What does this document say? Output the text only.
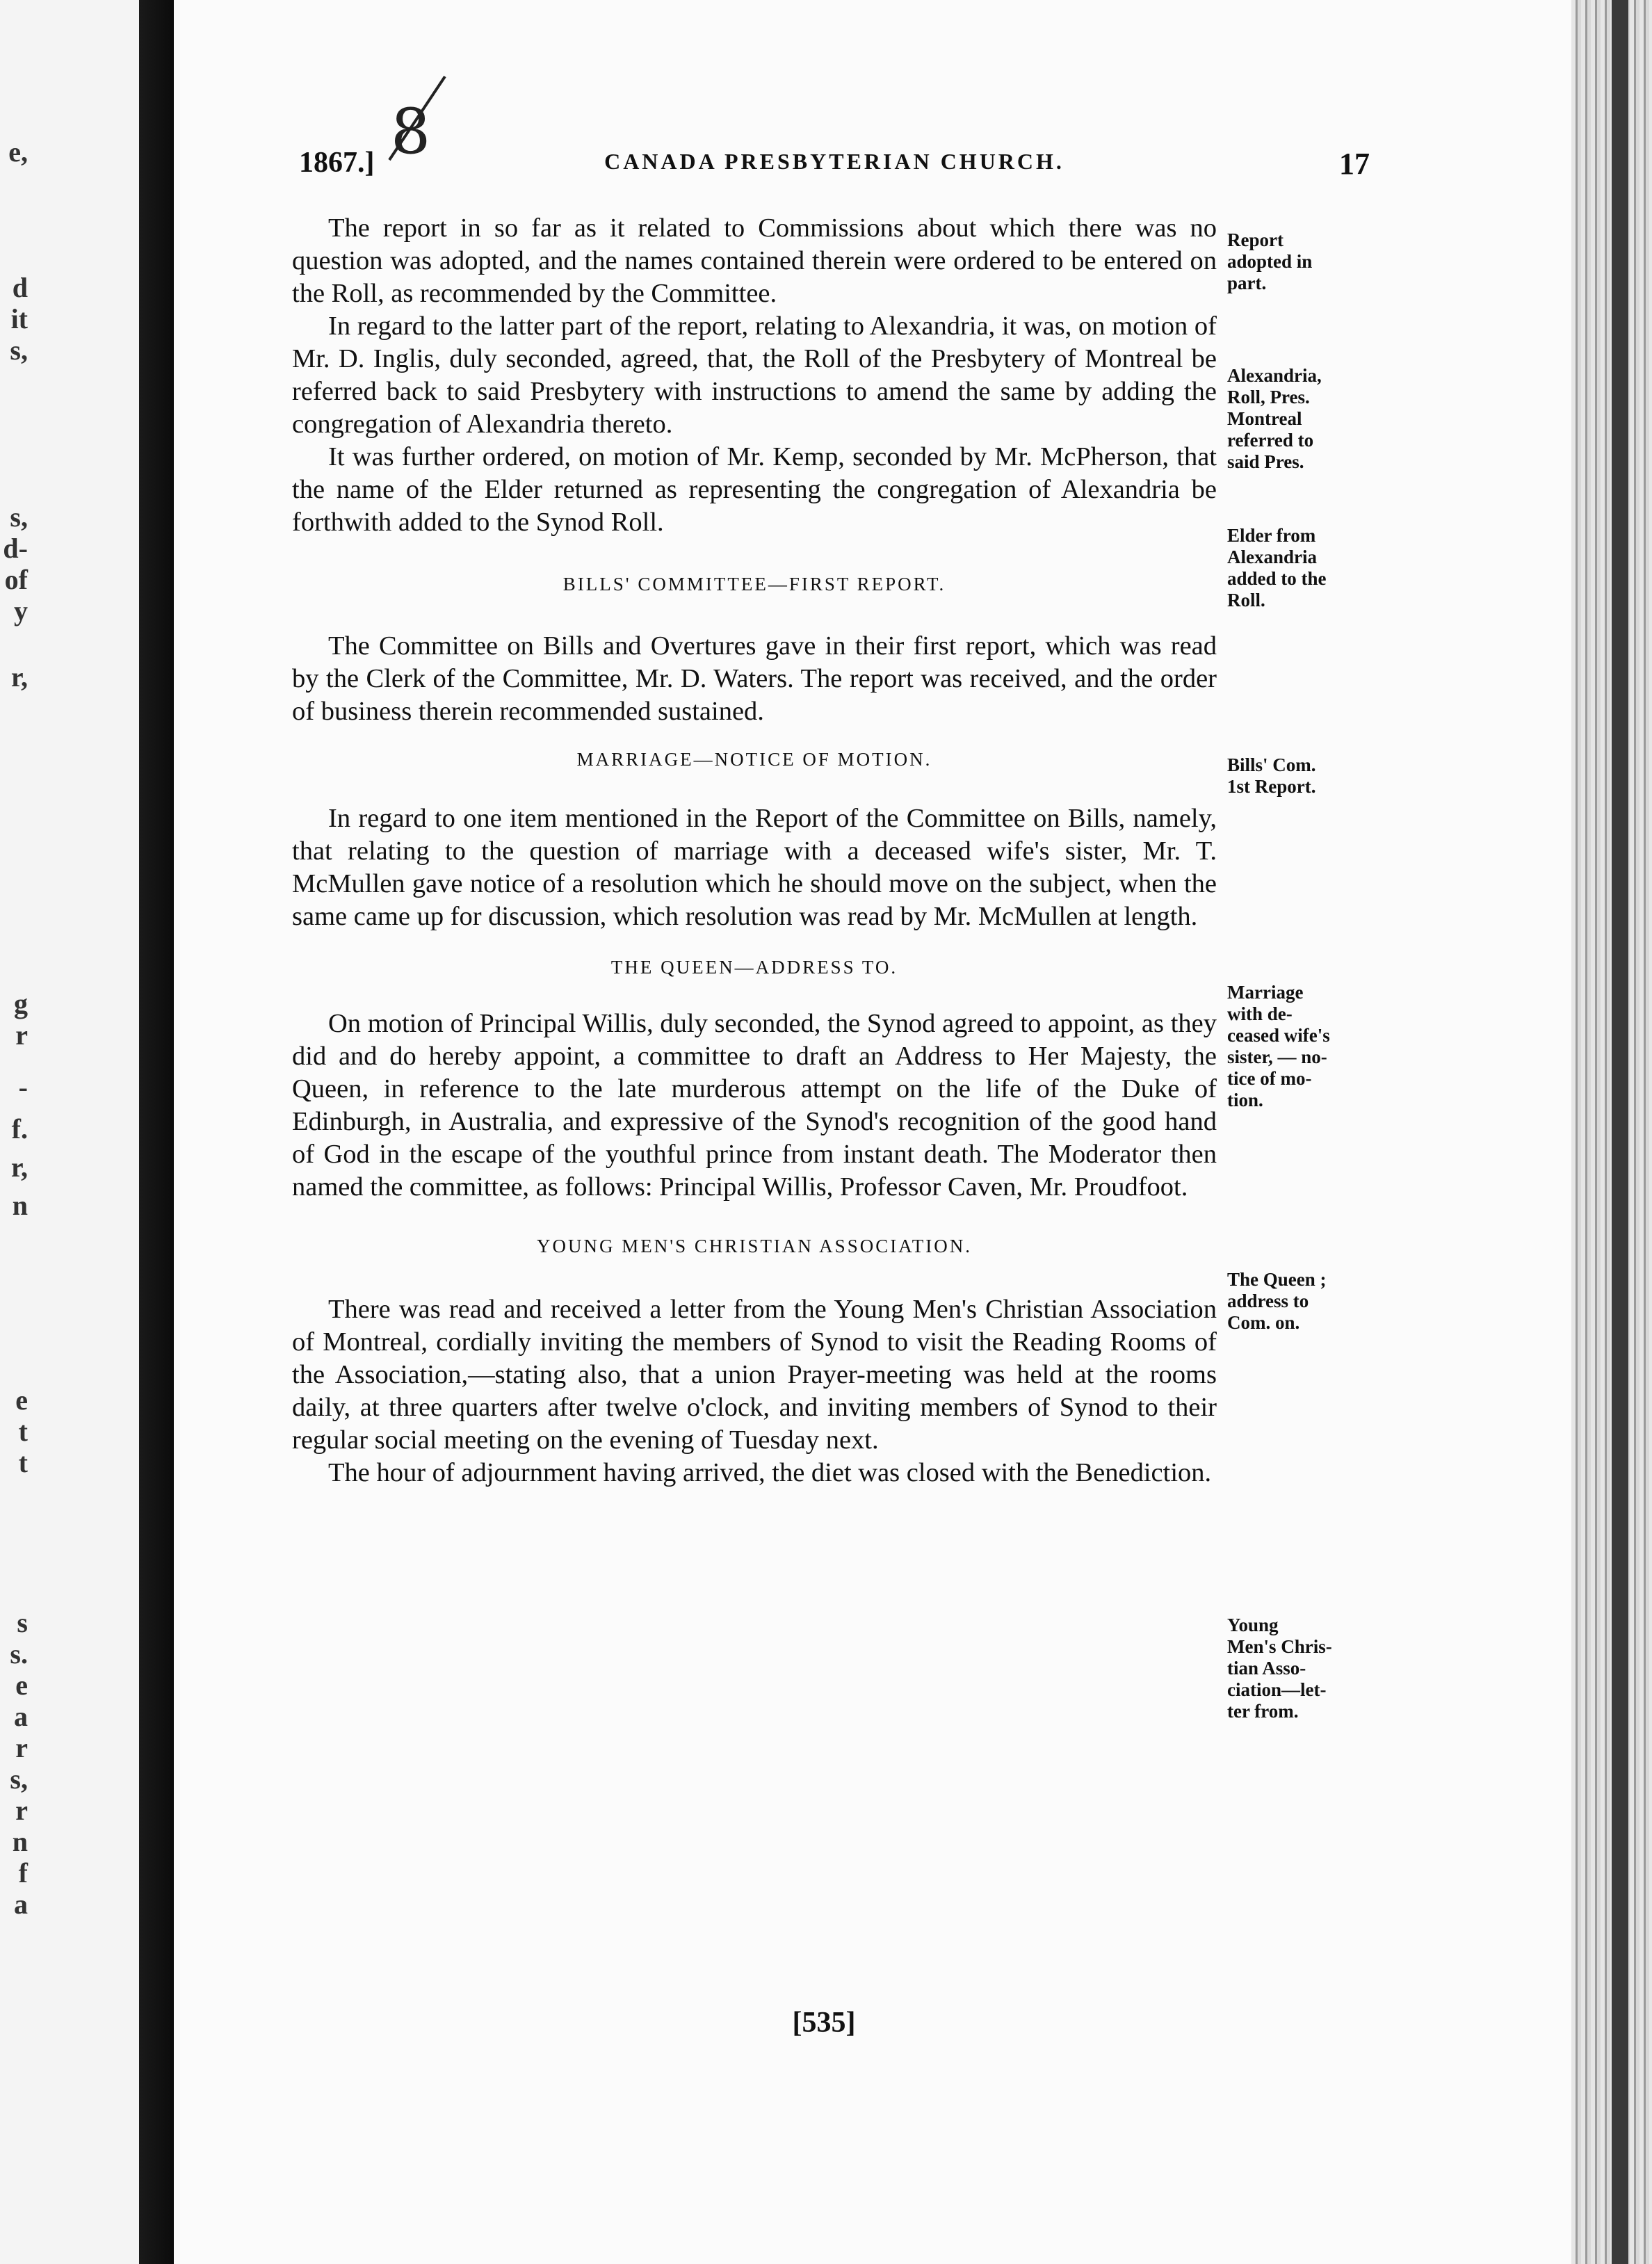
e,
d
it
s,
s,
d-
of
y
r,
g
r
-
f.
r,
n
e
t
t
s
s.
e
a
r
s,
r
n
f
a
1867.]	CANADA PRESBYTERIAN CHURCH.	17
8

The report in so far as it related to Commissions about which there was no question was adopted, and the names contained therein were ordered to be entered on the Roll, as recommended by the Committee.

In regard to the latter part of the report, relating to Alexandria, it was, on motion of Mr. D. Inglis, duly seconded, agreed, that, the Roll of the Presbytery of Montreal be referred back to said Presbytery with instructions to amend the same by adding the congregation of Alexandria thereto.

It was further ordered, on motion of Mr. Kemp, seconded by Mr. McPherson, that the name of the Elder returned as representing the congregation of Alexandria be forthwith added to the Synod Roll.

BILLS' COMMITTEE—FIRST REPORT.

The Committee on Bills and Overtures gave in their first report, which was read by the Clerk of the Committee, Mr. D. Waters. The report was received, and the order of business therein recommended sustained.

MARRIAGE—NOTICE OF MOTION.

In regard to one item mentioned in the Report of the Committee on Bills, namely, that relating to the question of marriage with a deceased wife's sister, Mr. T. McMullen gave notice of a resolution which he should move on the subject, when the same came up for discussion, which resolution was read by Mr. McMullen at length.

THE QUEEN—ADDRESS TO.

On motion of Principal Willis, duly seconded, the Synod agreed to appoint, as they did and do hereby appoint, a committee to draft an Address to Her Majesty, the Queen, in reference to the late murderous attempt on the life of the Duke of Edinburgh, in Australia, and expressive of the Synod's recognition of the good hand of God in the escape of the youthful prince from instant death. The Moderator then named the committee, as follows: Principal Willis, Professor Caven, Mr. Proudfoot.

YOUNG MEN'S CHRISTIAN ASSOCIATION.

There was read and received a letter from the Young Men's Christian Association of Montreal, cordially inviting the members of Synod to visit the Reading Rooms of the Association,—stating also, that a union Prayer-meeting was held at the rooms daily, at three quarters after twelve o'clock, and inviting members of Synod to their regular social meeting on the evening of Tuesday next.

The hour of adjournment having arrived, the diet was closed with the Benediction.

Report
adopted in
part.
Alexandria,
Roll, Pres.
Montreal
referred to
said Pres.
Elder from
Alexandria
added to the
Roll.
Bills' Com.
1st Report.
Marriage
with de-
ceased wife's
sister, — no-
tice of mo-
tion.
The Queen ;
address to
Com. on.
Young
Men's Chris-
tian Asso-
ciation—let-
ter from.
[535]
